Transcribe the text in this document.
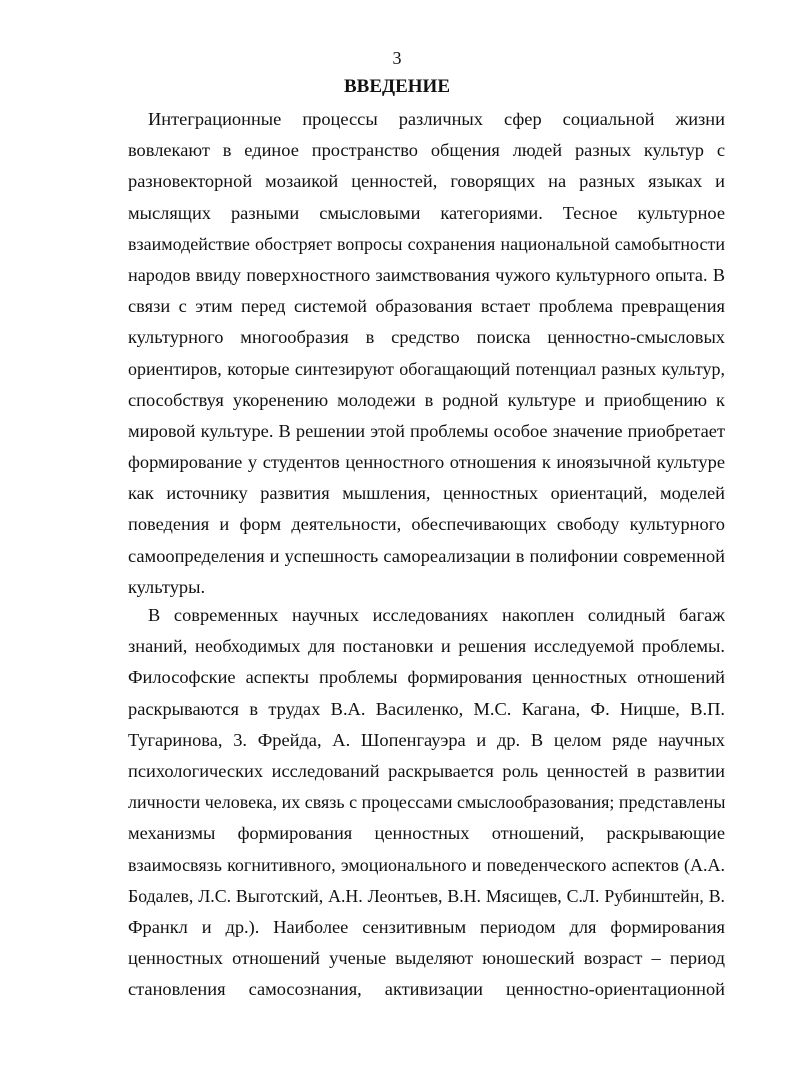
3
ВВЕДЕНИЕ
Интеграционные процессы различных сфер социальной жизни
вовлекают в единое пространство общения людей разных культур с
разновекторной мозаикой ценностей, говорящих на разных языках и
мыслящих разными смысловыми категориями. Тесное культурное
взаимодействие обостряет вопросы сохранения национальной самобытности
народов ввиду поверхностного заимствования чужого культурного опыта. В
связи с этим перед системой образования встает проблема превращения
культурного многообразия в средство поиска ценностно-смысловых
ориентиров, которые синтезируют обогащающий потенциал разных культур,
способствуя укоренению молодежи в родной культуре и приобщению к
мировой культуре. В решении этой проблемы особое значение приобретает
формирование у студентов ценностного отношения к иноязычной культуре
как источнику развития мышления, ценностных ориентаций, моделей
поведения и форм деятельности, обеспечивающих свободу культурного
самоопределения и успешность самореализации в полифонии современной
культуры.
В современных научных исследованиях накоплен солидный багаж
знаний, необходимых для постановки и решения исследуемой проблемы.
Философские аспекты проблемы формирования ценностных отношений
раскрываются в трудах В.А. Василенко, М.С. Кагана, Ф. Ницше, В.П.
Тугаринова, 3. Фрейда, А. Шопенгауэра и др. В целом ряде научных
психологических исследований раскрывается роль ценностей в развитии
личности человека, их связь с процессами смыслообразования; представлены
механизмы формирования ценностных отношений, раскрывающие
взаимосвязь когнитивного, эмоционального и поведенческого аспектов (А.А.
Бодалев, Л.С. Выготский, А.Н. Леонтьев, В.Н. Мясищев, С.Л. Рубинштейн, В.
Франкл и др.). Наиболее сензитивным периодом для формирования
ценностных отношений ученые выделяют юношеский возраст – период
становления самосознания, активизации ценностно-ориентационной
